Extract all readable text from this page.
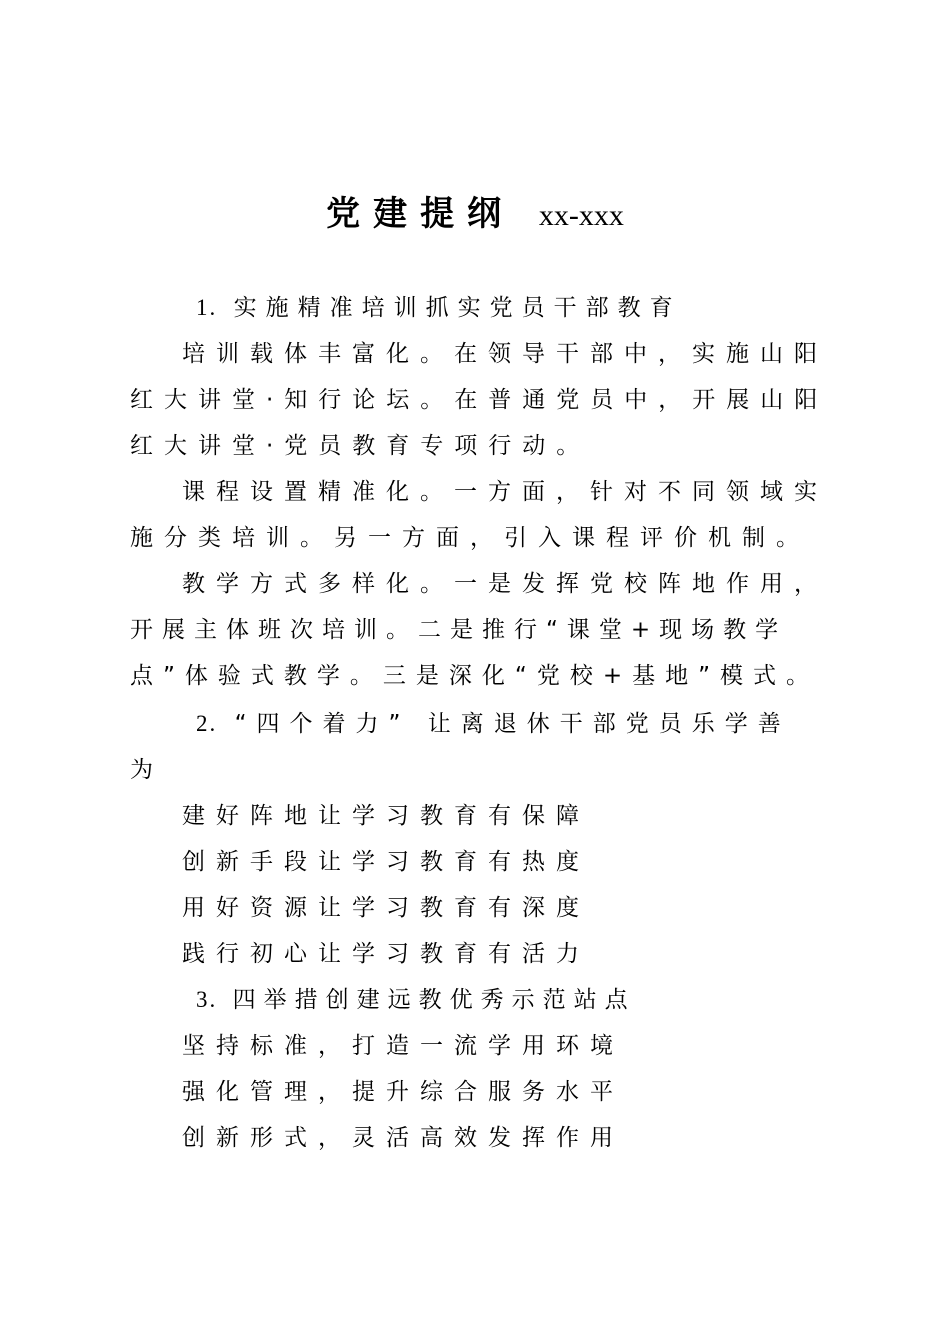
党建提纲 xx-xxx
1. 实施精准培训抓实党员干部教育
培训载体丰富化。在领导干部中，实施山阳
红大讲堂·知行论坛。在普通党员中，开展山阳
红大讲堂·党员教育专项行动。
课程设置精准化。一方面，针对不同领域实
施分类培训。另一方面，引入课程评价机制。
教学方式多样化。一是发挥党校阵地作用，
开展主体班次培训。二是推行“课堂+现场教学
点”体验式教学。三是深化“党校+基地”模式。
2. “四个着力” 让离退休干部党员乐学善
为
建好阵地让学习教育有保障
创新手段让学习教育有热度
用好资源让学习教育有深度
践行初心让学习教育有活力
3. 四举措创建远教优秀示范站点
坚持标准，打造一流学用环境
强化管理，提升综合服务水平
创新形式，灵活高效发挥作用
